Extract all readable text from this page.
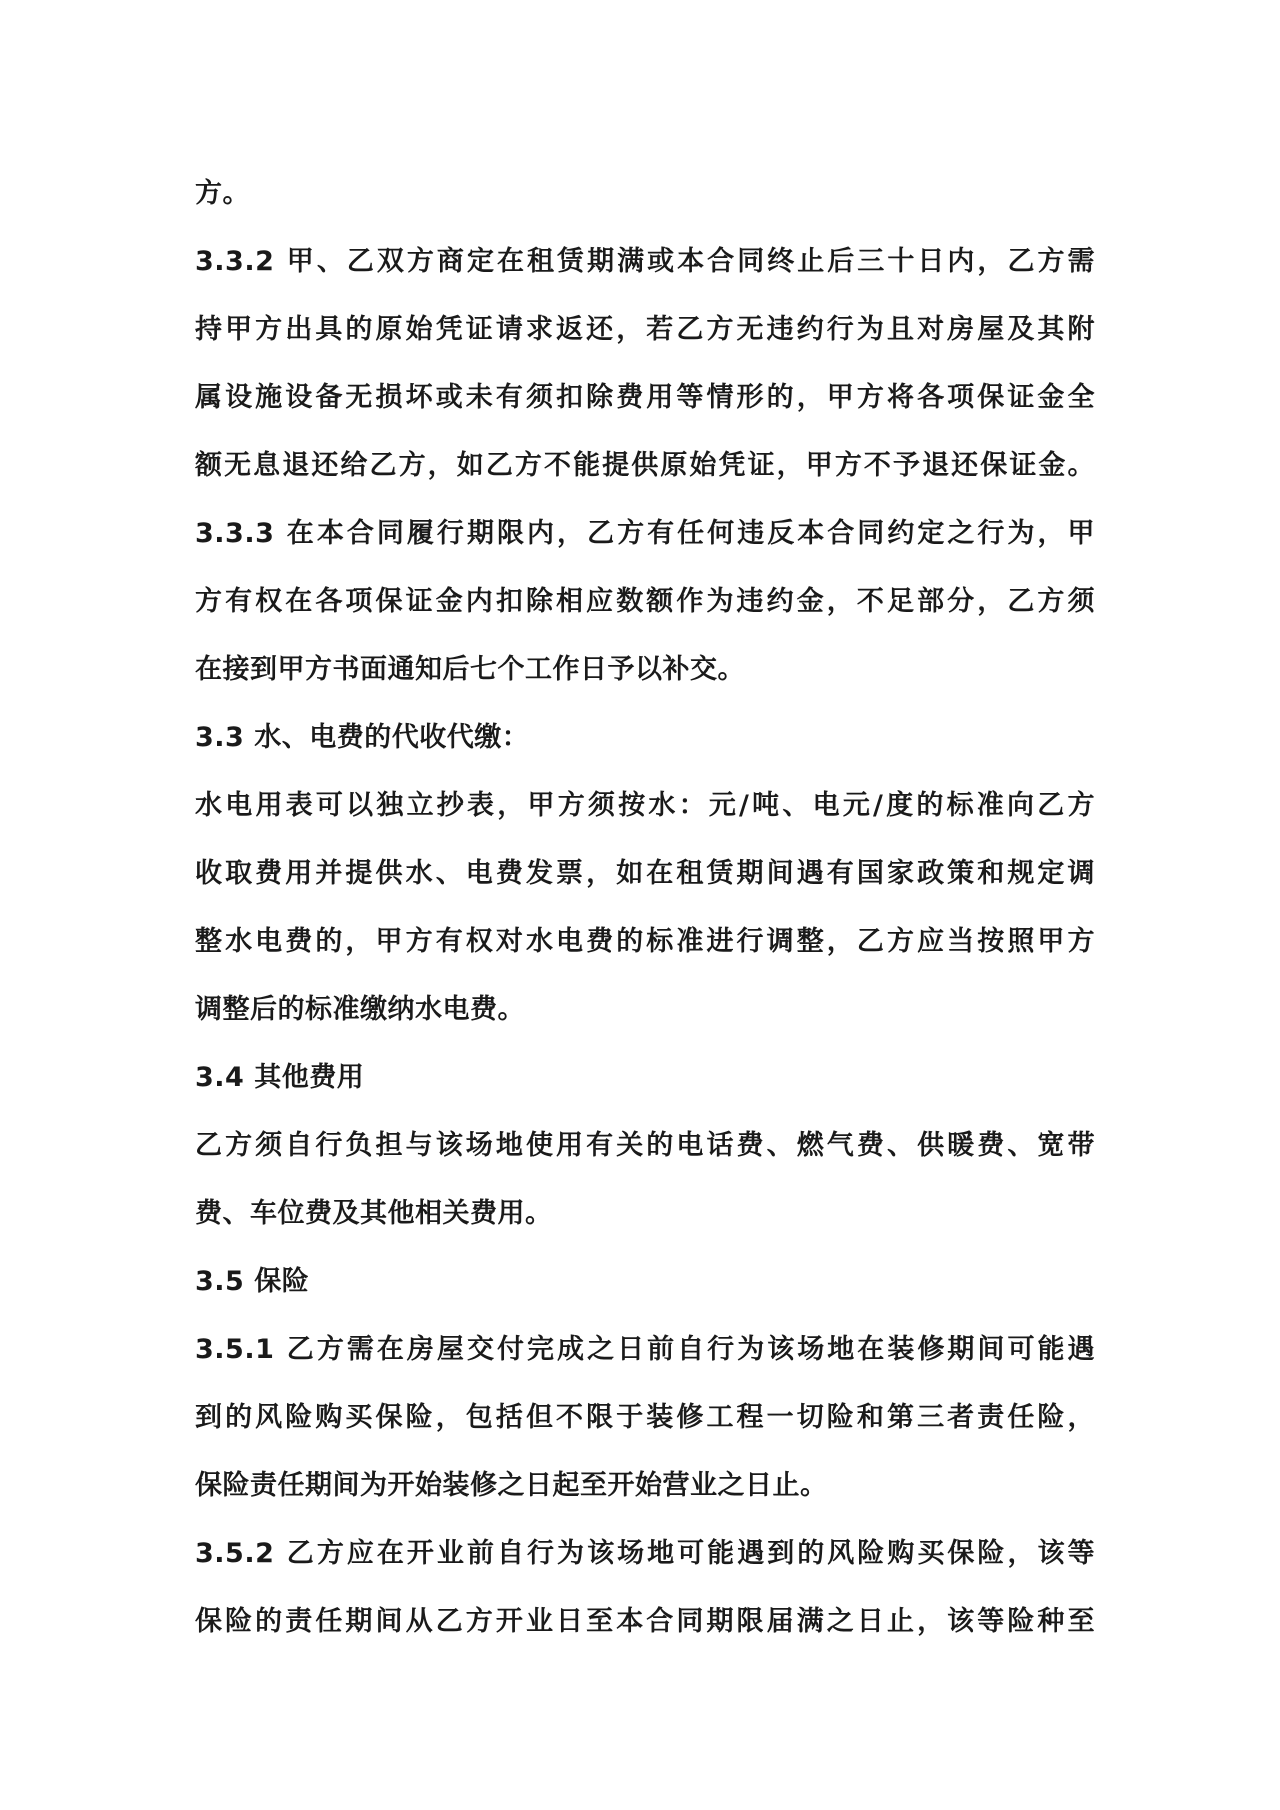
方。
3.3.2 甲、乙双方商定在租赁期满或本合同终止后三十日内，乙方需
持甲方出具的原始凭证请求返还，若乙方无违约行为且对房屋及其附
属设施设备无损坏或未有须扣除费用等情形的，甲方将各项保证金全
额无息退还给乙方，如乙方不能提供原始凭证，甲方不予退还保证金。
3.3.3 在本合同履行期限内，乙方有任何违反本合同约定之行为，甲
方有权在各项保证金内扣除相应数额作为违约金，不足部分，乙方须
在接到甲方书面通知后七个工作日予以补交。
3.3 水、电费的代收代缴：
水电用表可以独立抄表，甲方须按水：元/吨、电元/度的标准向乙方
收取费用并提供水、电费发票，如在租赁期间遇有国家政策和规定调
整水电费的，甲方有权对水电费的标准进行调整，乙方应当按照甲方
调整后的标准缴纳水电费。
3.4 其他费用
乙方须自行负担与该场地使用有关的电话费、燃气费、供暖费、宽带
费、车位费及其他相关费用。
3.5 保险
3.5.1 乙方需在房屋交付完成之日前自行为该场地在装修期间可能遇
到的风险购买保险，包括但不限于装修工程一切险和第三者责任险，
保险责任期间为开始装修之日起至开始营业之日止。
3.5.2 乙方应在开业前自行为该场地可能遇到的风险购买保险，该等
保险的责任期间从乙方开业日至本合同期限届满之日止，该等险种至
